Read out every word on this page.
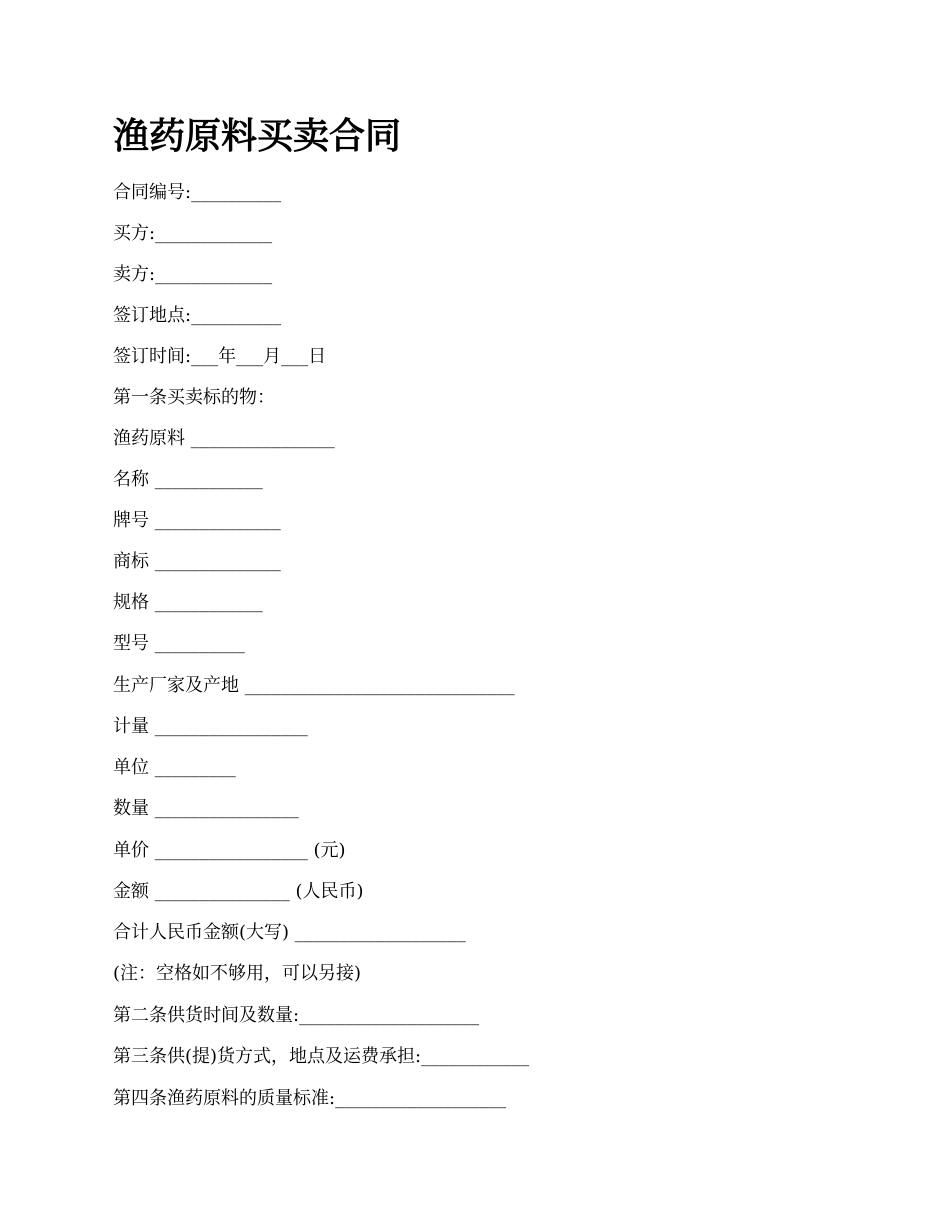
渔药原料买卖合同

合同编号:__________

买方:_____________

卖方:_____________

签订地点:__________

签订时间:___年___月___日

第一条买卖标的物：

渔药原料 ________________

名称 ____________

牌号 ______________

商标 ______________

规格 ____________

型号 __________

生产厂家及产地 ______________________________

计量 _________________

单位 _________

数量 ________________

单价 _________________ (元)

金额 _______________ (人民币)

合计人民币金额(大写) ___________________

(注：空格如不够用，可以另接)

第二条供货时间及数量:____________________

第三条供(提)货方式，地点及运费承担:____________

第四条渔药原料的质量标准:___________________
